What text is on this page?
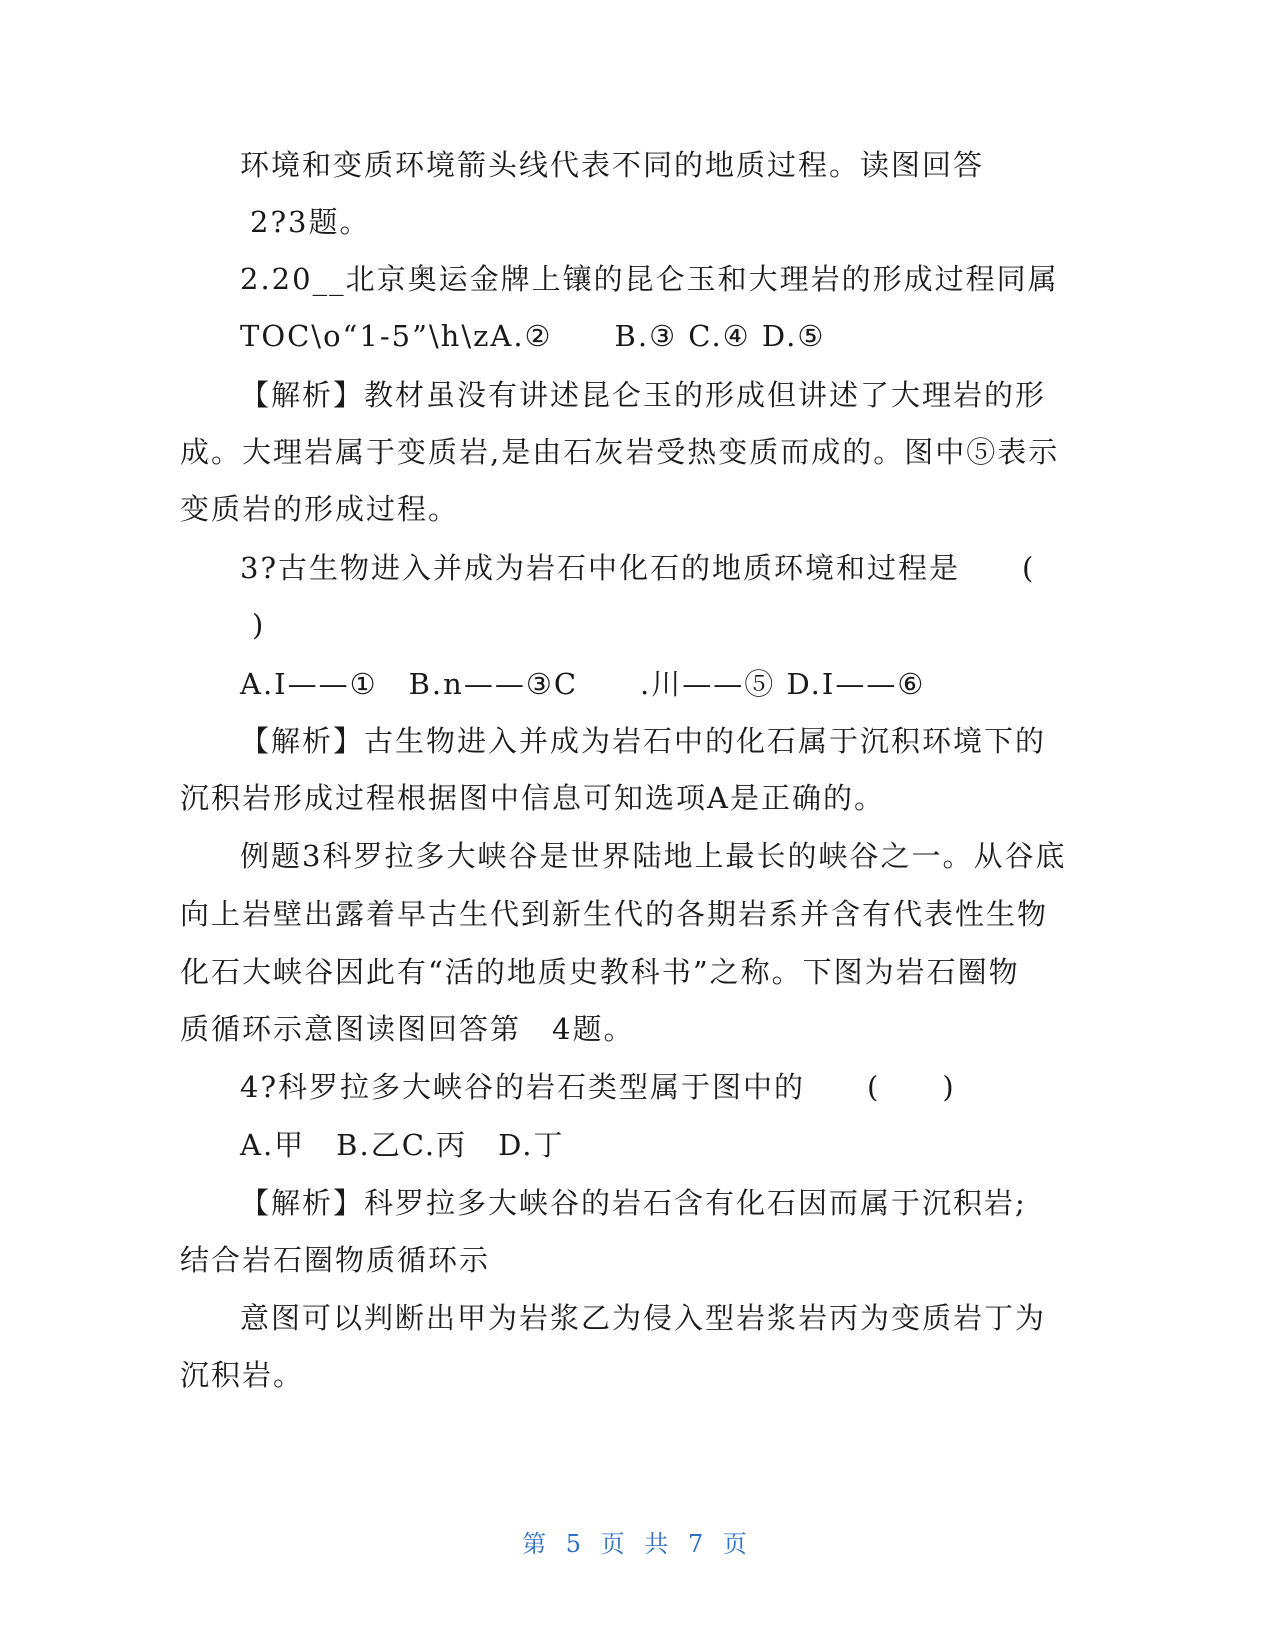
环境和变质环境箭头线代表不同的地质过程。读图回答
2?3题。
2.20__北京奥运金牌上镶的昆仑玉和大理岩的形成过程同属
TOC\o“1-5”\h\zA.②　　B.③ C.④ D.⑤
【解析】教材虽没有讲述昆仑玉的形成但讲述了大理岩的形
成。大理岩属于变质岩,是由石灰岩受热变质而成的。图中⑤表示
变质岩的形成过程。
3?古生物进入并成为岩石中化石的地质环境和过程是　　(
)
A.I——①　B.n——③C　　.川——⑤ D.I——⑥
【解析】古生物进入并成为岩石中的化石属于沉积环境下的
沉积岩形成过程根据图中信息可知选项A是正确的。
例题3科罗拉多大峡谷是世界陆地上最长的峡谷之一。从谷底
向上岩壁出露着早古生代到新生代的各期岩系并含有代表性生物
化石大峡谷因此有“活的地质史教科书”之称。下图为岩石圈物
质循环示意图读图回答第　4题。
4?科罗拉多大峡谷的岩石类型属于图中的　　(　　)
A.甲　B.乙C.丙　D.丁
【解析】科罗拉多大峡谷的岩石含有化石因而属于沉积岩;
结合岩石圈物质循环示
意图可以判断出甲为岩浆乙为侵入型岩浆岩丙为变质岩丁为
沉积岩。
第 5 页 共 7 页
